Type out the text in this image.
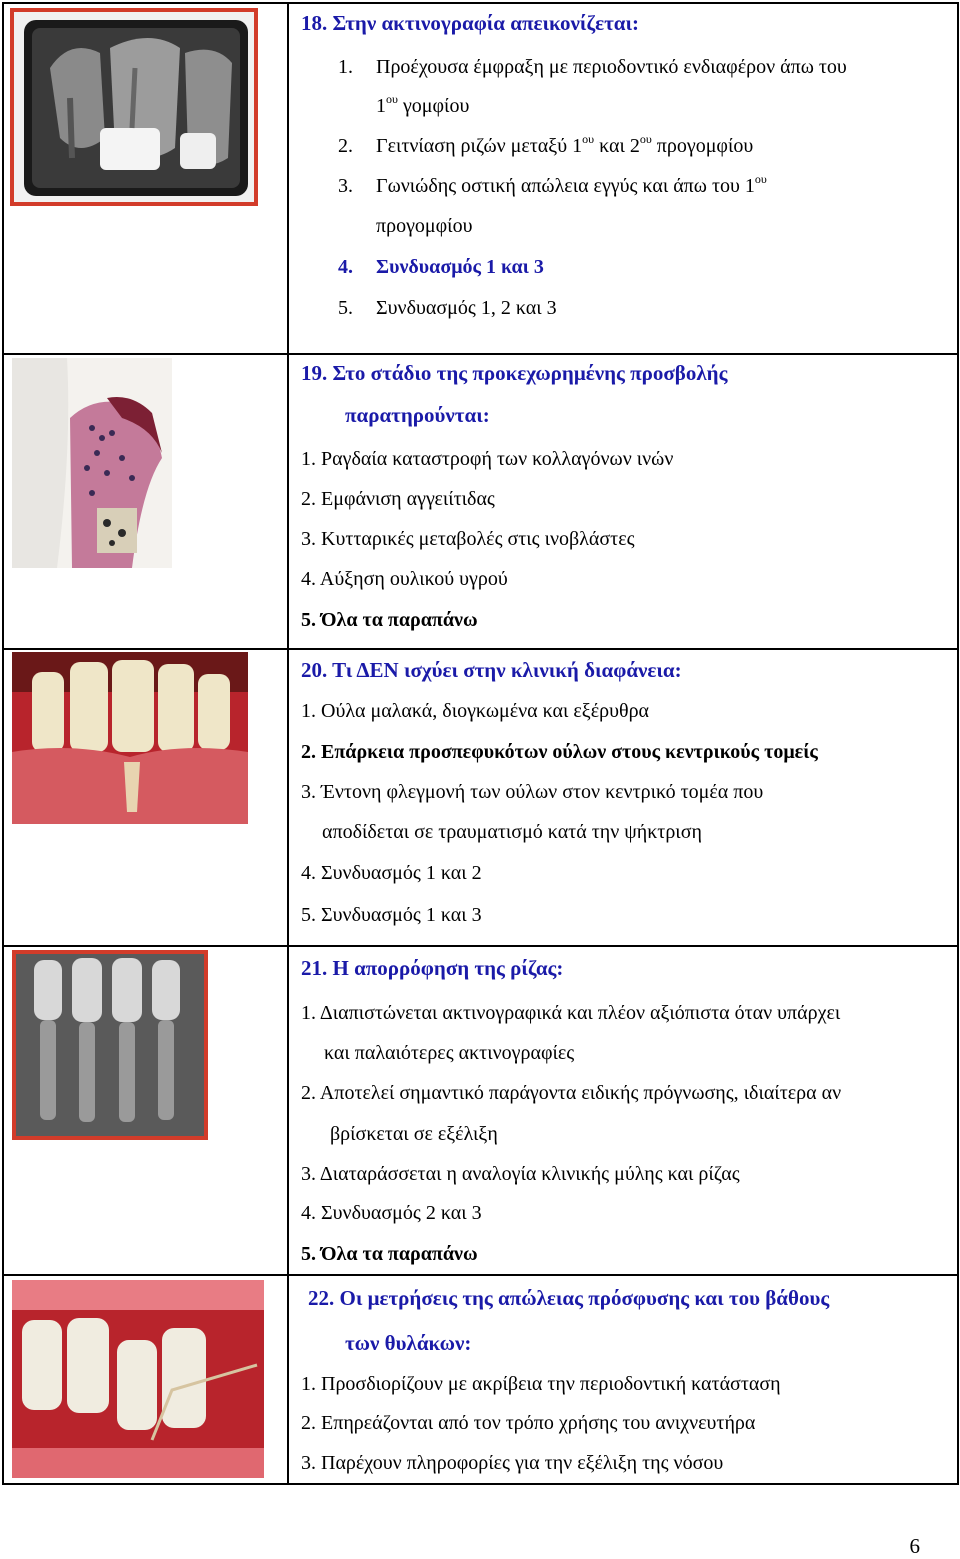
18. Στην ακτινογραφία απεικονίζεται:
1. Προέχουσα έμφραξη με περιοδοντικό ενδιαφέρον άπω του
$1^{o\upsilon}$ γομφίου
2. Γειτνίαση ριζών μεταξύ $1^{o\upsilon}$ και $2^{o\upsilon}$ προγομφίου
3. Γωνιώδης οστική απώλεια εγγύς και άπω του $1^{o\upsilon}$
προγομφίου
4. Συνδυασμός 1 και 3
5. Συνδυασμός 1, 2 και 3
19. Στο στάδιο της προκεχωρημένης προσβολής
παρατηρούνται:
1. Ραγδαία καταστροφή των κολλαγόνων ινών
2. Εμφάνιση αγγειίτιδας
3. Κυτταρικές μεταβολές στις ινοβλάστες
4. Αύξηση ουλικού υγρού
5. Όλα τα παραπάνω
20. Τι ΔΕΝ ισχύει στην κλινική διαφάνεια:
1. Ούλα μαλακά, διογκωμένα και εξέρυθρα
2. Επάρκεια προσπεφυκότων ούλων στους κεντρικούς τομείς
3. Έντονη φλεγμονή των ούλων στον κεντρικό τομέα που
αποδίδεται σε τραυματισμό κατά την ψήκτριση
4. Συνδυασμός 1 και 2
5. Συνδυασμός 1 και 3
21. Η απορρόφηση της ρίζας:
1. Διαπιστώνεται ακτινογραφικά και πλέον αξιόπιστα όταν υπάρχει
και παλαιότερες ακτινογραφίες
2. Αποτελεί σημαντικό παράγοντα ειδικής πρόγνωσης, ιδιαίτερα αν
βρίσκεται σε εξέλιξη
3. Διαταράσσεται η αναλογία κλινικής μύλης και ρίζας
4. Συνδυασμός 2 και 3
5. Όλα τα παραπάνω
22. Οι μετρήσεις της απώλειας πρόσφυσης και του βάθους
των θυλάκων:
1. Προσδιορίζουν με ακρίβεια την περιοδοντική κατάσταση
2. Επηρεάζονται από τον τρόπο χρήσης του ανιχνευτήρα
3. Παρέχουν πληροφορίες για την εξέλιξη της νόσου
6
